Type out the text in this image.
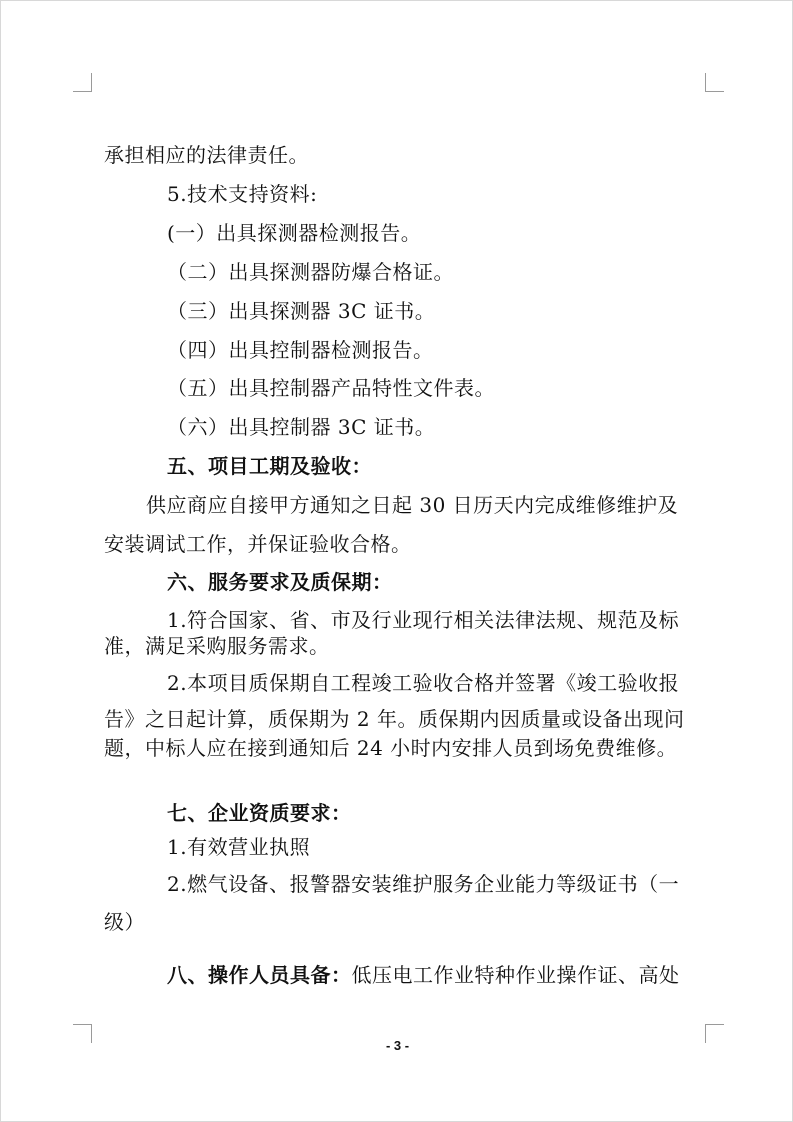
承担相应的法律责任。
5.技术支持资料:
(一）出具探测器检测报告。
（二）出具探测器防爆合格证。
（三）出具探测器 3C 证书。
（四）出具控制器检测报告。
（五）出具控制器产品特性文件表。
（六）出具控制器 3C 证书。
五、项目工期及验收：
供应商应自接甲方通知之日起 30 日历天内完成维修维护及
安装调试工作，并保证验收合格。
六、服务要求及质保期：
1.符合国家、省、市及行业现行相关法律法规、规范及标
准，满足采购服务需求。
2.本项目质保期自工程竣工验收合格并签署《竣工验收报
告》之日起计算，质保期为 2 年。质保期内因质量或设备出现问
题，中标人应在接到通知后 24 小时内安排人员到场免费维修。
七、企业资质要求：
1.有效营业执照
2.燃气设备、报警器安装维护服务企业能力等级证书（一
级）
八、操作人员具备：低压电工作业特种作业操作证、高处
- 3 -
